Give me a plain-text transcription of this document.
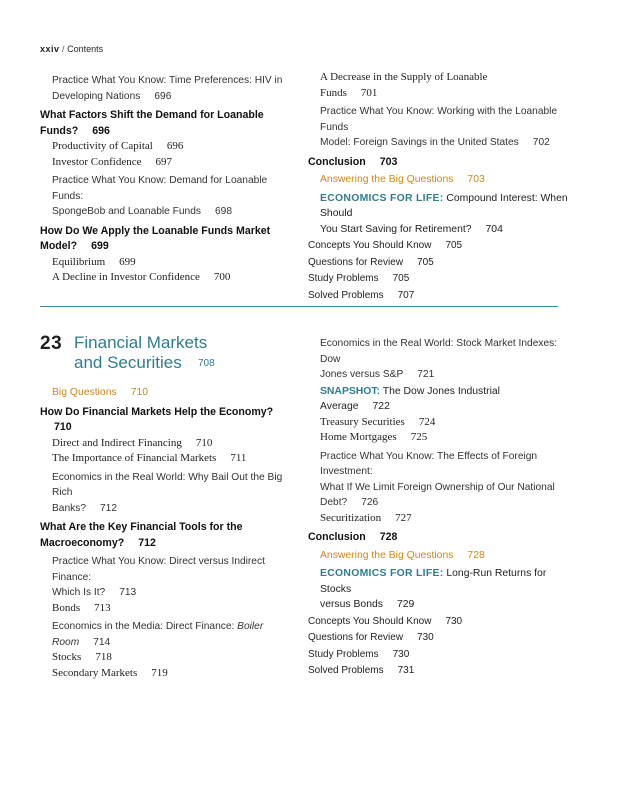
xxiv / Contents
Practice What You Know: Time Preferences: HIV in
Developing Nations 696
What Factors Shift the Demand for Loanable
Funds? 696
Productivity of Capital 696
Investor Confidence 697
Practice What You Know: Demand for Loanable Funds:
SpongeBob and Loanable Funds 698
How Do We Apply the Loanable Funds Market
Model? 699
Equilibrium 699
A Decline in Investor Confidence 700
A Decrease in the Supply of Loanable
Funds 701
Practice What You Know: Working with the Loanable Funds
Model: Foreign Savings in the United States 702
Conclusion 703
Answering the Big Questions 703
ECONOMICS FOR LIFE: Compound Interest: When Should
You Start Saving for Retirement? 704
Concepts You Should Know 705
Questions for Review 705
Study Problems 705
Solved Problems 707
23 Financial Markets
and Securities 708
Big Questions 710
How Do Financial Markets Help the Economy?710
Direct and Indirect Financing 710
The Importance of Financial Markets 711
Economics in the Real World: Why Bail Out the Big Rich
Banks? 712
What Are the Key Financial Tools for the
Macroeconomy? 712
Practice What You Know: Direct versus Indirect Finance:
Which Is It? 713
Bonds 713
Economics in the Media: Direct Finance: Boiler
Room 714
Stocks 718
Secondary Markets 719
Economics in the Real World: Stock Market Indexes: Dow
Jones versus S&P 721
SNAPSHOT: The Dow Jones Industrial Average 722
Treasury Securities 724
Home Mortgages 725
Practice What You Know: The Effects of Foreign Investment:
What If We Limit Foreign Ownership of Our National
Debt? 726
Securitization 727
Conclusion 728
Answering the Big Questions 728
ECONOMICS FOR LIFE: Long-Run Returns for Stocks
versus Bonds 729
Concepts You Should Know 730
Questions for Review 730
Study Problems 730
Solved Problems 731
